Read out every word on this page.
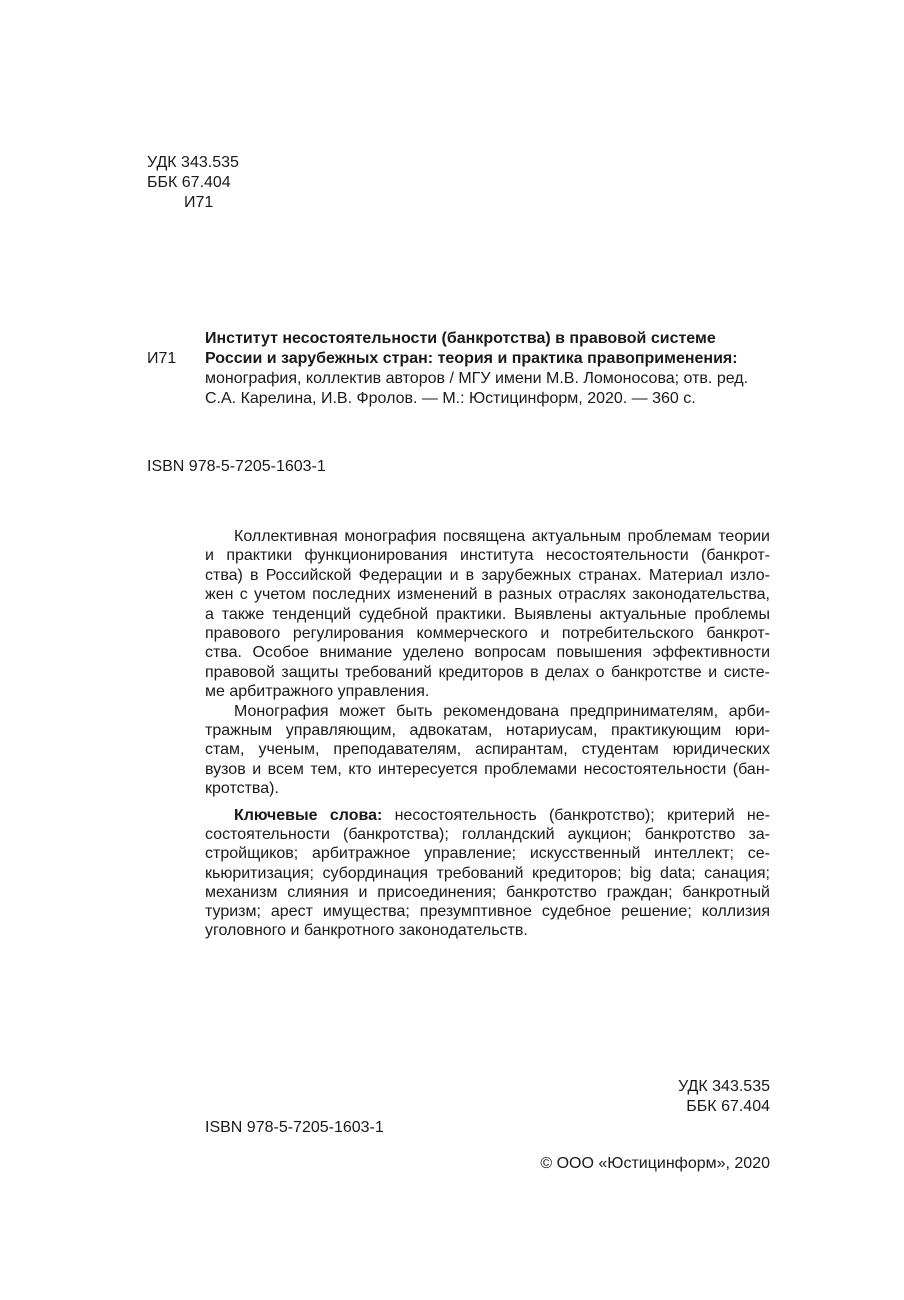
УДК 343.535
ББК 67.404
И71
И71
Институт несостоятельности (банкротства) в правовой системе
России и зарубежных стран: теория и практика правоприменения:
монография, коллектив авторов / МГУ имени М.В. Ломоносова; отв. ред.
С.А. Карелина, И.В. Фролов. — М.: Юстицинформ, 2020. — 360 с.
ISBN 978-5-7205-1603-1
Коллективная монография посвящена актуальным проблемам теории
и практики функционирования института несостоятельности (банкрот-
ства) в Российской Федерации и в зарубежных странах. Материал изло-
жен с учетом последних изменений в разных отраслях законодательства,
а также тенденций судебной практики. Выявлены актуальные проблемы
правового регулирования коммерческого и потребительского банкрот-
ства. Особое внимание уделено вопросам повышения эффективности
правовой защиты требований кредиторов в делах о банкротстве и систе-
ме арбитражного управления.
Монография может быть рекомендована предпринимателям, арби-
тражным управляющим, адвокатам, нотариусам, практикующим юри-
стам, ученым, преподавателям, аспирантам, студентам юридических
вузов и всем тем, кто интересуется проблемами несостоятельности (бан-
кротства).
Ключевые слова: несостоятельность (банкротство); критерий не-
состоятельности (банкротства); голландский аукцион; банкротство за-
стройщиков; арбитражное управление; искусственный интеллект; се-
кьюритизация; субординация требований кредиторов; big data; санация;
механизм слияния и присоединения; банкротство граждан; банкротный
туризм; арест имущества; презумптивное судебное решение; коллизия
уголовного и банкротного законодательств.
УДК 343.535
ББК 67.404
ISBN 978-5-7205-1603-1
© ООО «Юстицинформ», 2020
